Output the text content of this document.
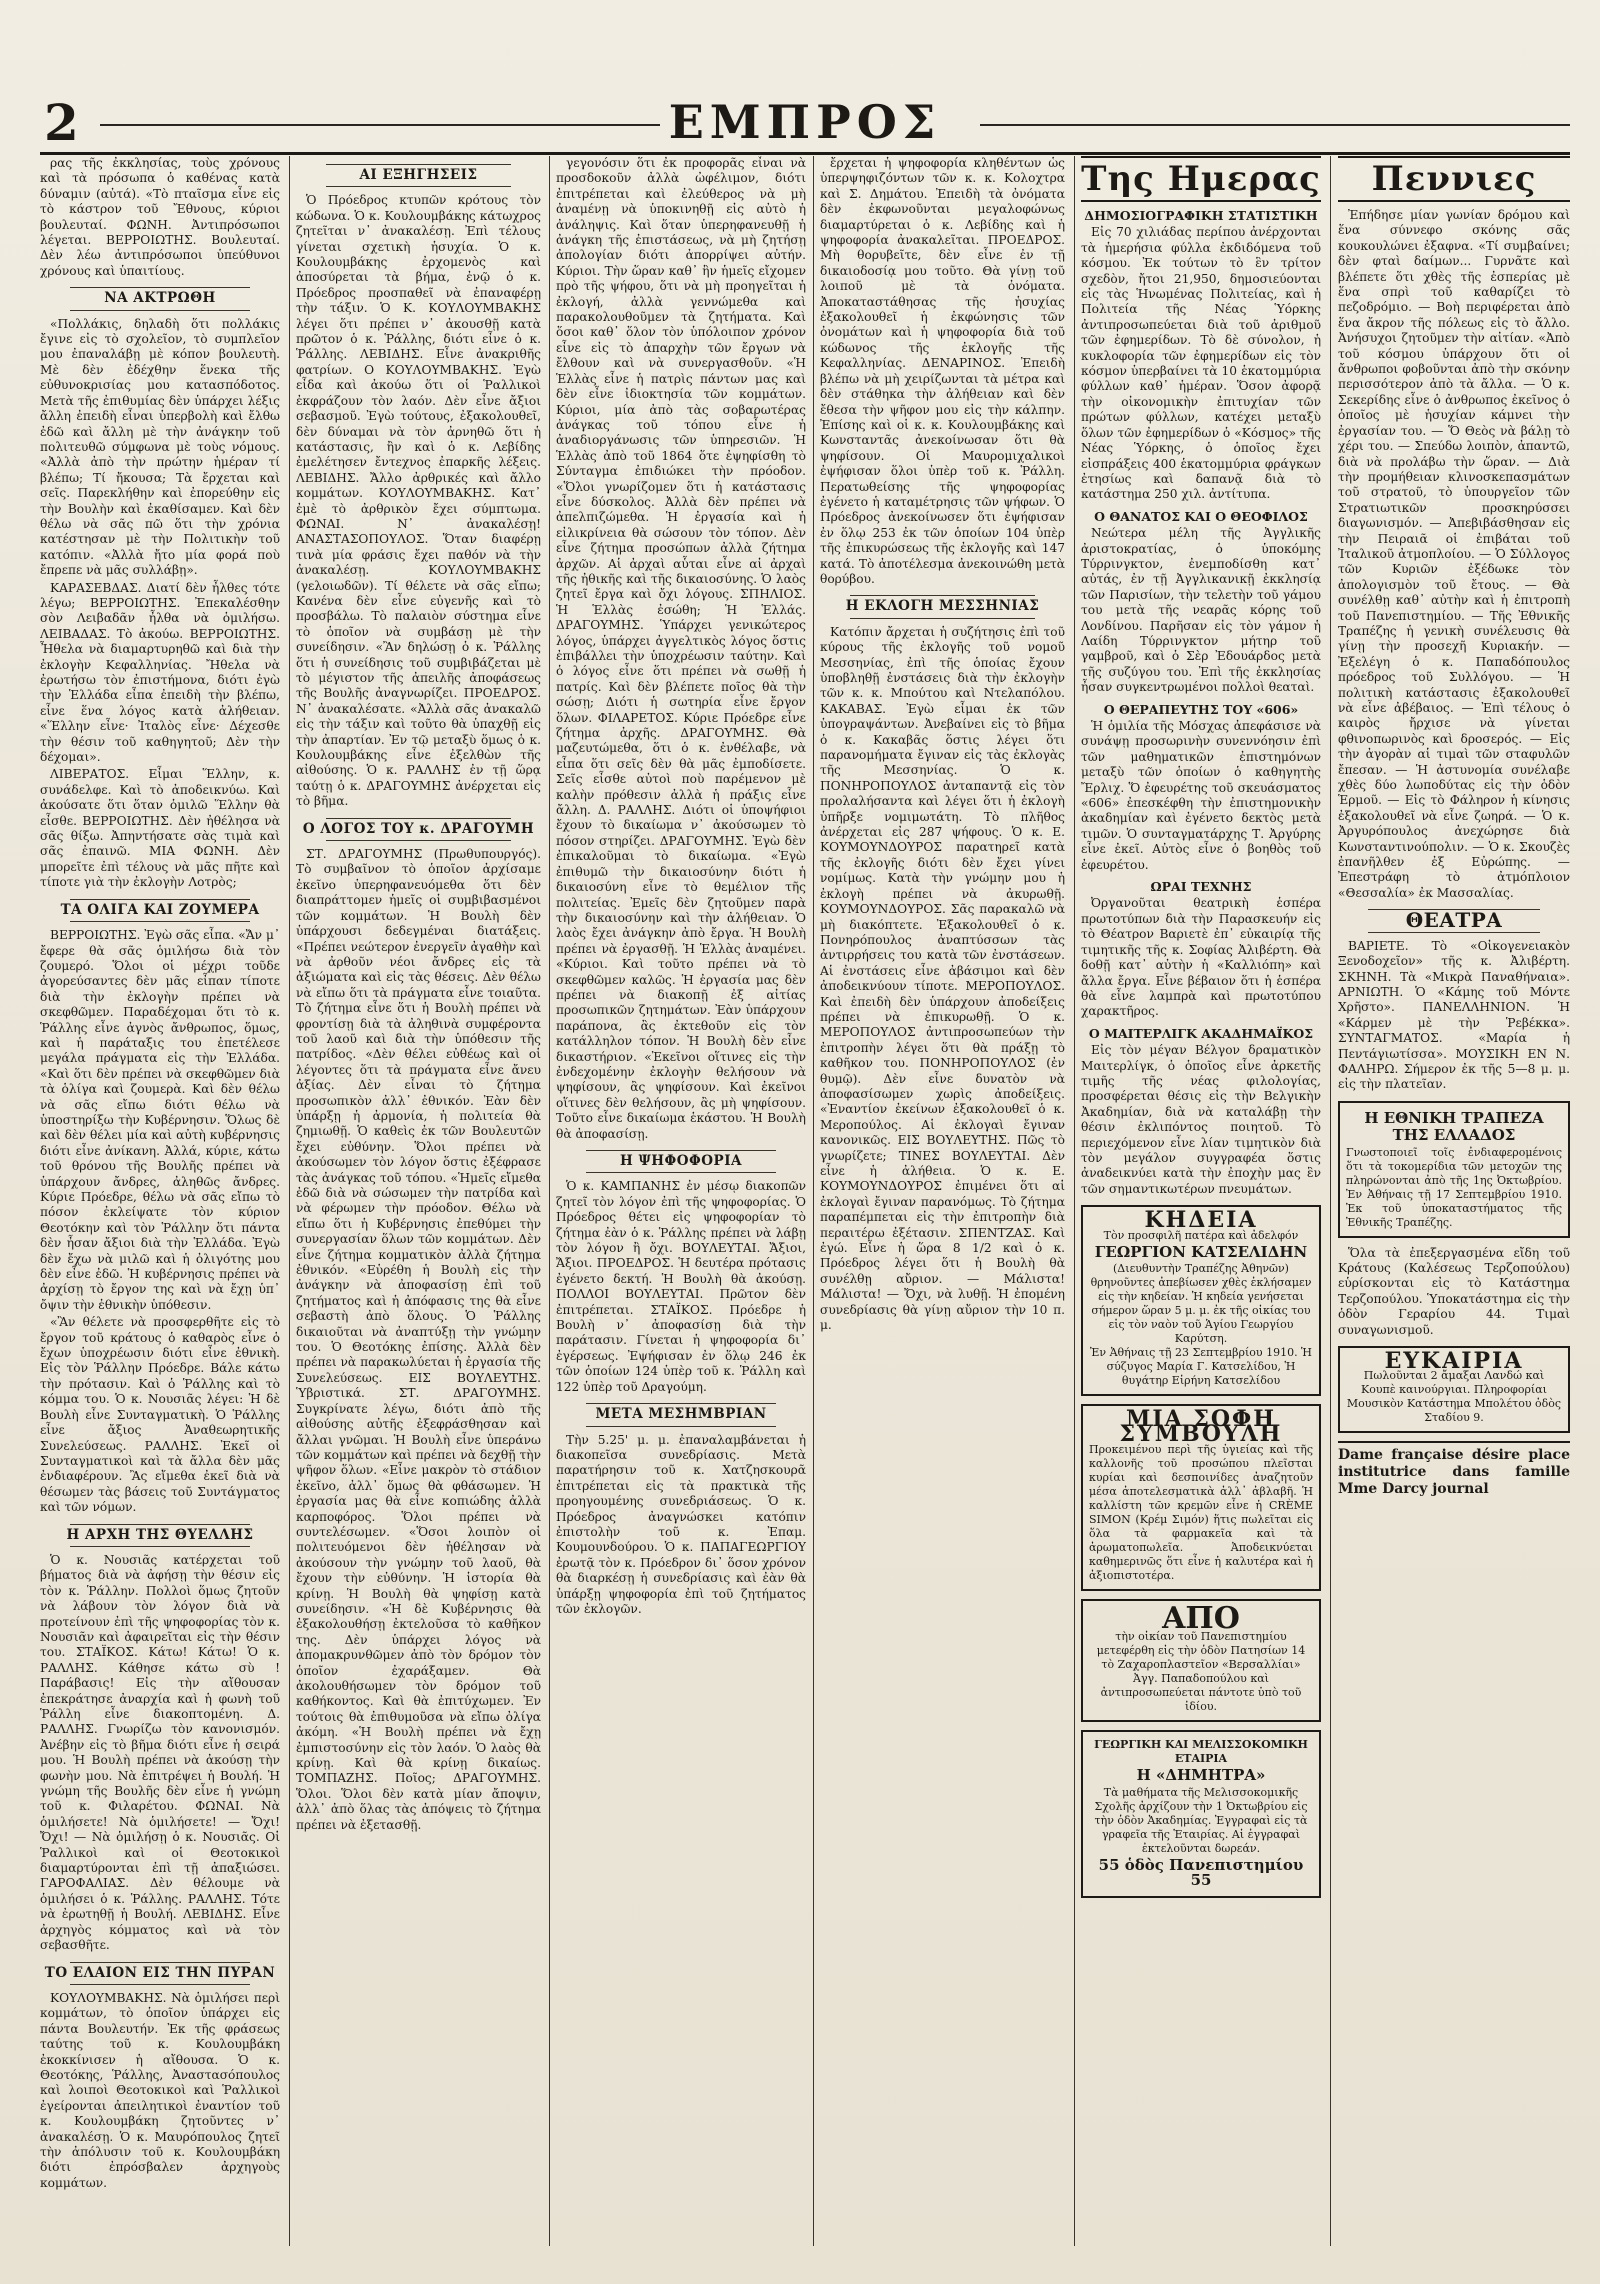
2	ΕΜΠΡΟΣ

ρας τῆς ἐκκλησίας, τοὺς χρόνους καὶ τὰ πρόσωπα ὁ καθένας κατὰ δύναμιν (αὐτά). «Τὸ πταῖσμα εἶνε εἰς τὸ κάστρον τοῦ Ἔθνους, κύριοι βουλευταί. ΦΩΝΗ. Ἀντιπρόσωποι λέγεται. ΒΕΡΡΟΙΩΤΗΣ. Βουλευταί. Δὲν λέω ἀντιπρόσωποι ὑπεύθυνοι χρόνους καὶ ὑπαιτίους.

ΝΑ ΑΚΤΡΩΘΗ

«Πολλάκις, δηλαδὴ ὅτι πολλάκις ἔγινε εἰς τὸ σχολεῖον, τὸ συμπλεῖον μου ἐπαναλάβῃ μὲ κόπον βουλευτὴ. Μὲ δὲν ἐδέχθην ἕνεκα τῆς εὐθυνοκρισίας μου κατασπόδοτος. Μετὰ τῆς ἐπιθυμίας δὲν ὑπάρχει λέξις ἄλλη ἐπειδὴ εἶναι ὑπερβολὴ καὶ ἔλθω ἐδῶ καὶ ἄλλη μὲ τὴν ἀνάγκην τοῦ πολιτευθῶ σύμφωνα μὲ τοὺς νόμους. «Ἀλλὰ ἀπὸ τὴν πρώτην ἡμέραν τί βλέπω; Τί ἤκουσα; Τὰ ἔρχεται καὶ σεῖς. Παρεκλήθην καὶ ἐπορεύθην εἰς τὴν Βουλὴν καὶ ἐκαθίσαμεν. Καὶ δὲν θέλω νὰ σᾶς πῶ ὅτι τὴν χρόνια κατέστησαν μὲ τὴν Πολιτικὴν τοῦ κατόπιν. «Ἀλλὰ ἤτο μία φορά ποὺ ἔπρεπε νὰ μᾶς συλλάβῃ».

ΚΑΡΑΣΕΒΔΑΣ. Διατί δὲν ἦλθες τότε λέγω; ΒΕΡΡΟΙΩΤΗΣ. Ἐπεκαλέσθην σὸν Λειβαδᾶν ἦλθα νὰ ὁμιλήσω. ΛΕΙΒΑΔΑΣ. Τὸ ἀκούω. ΒΕΡΡΟΙΩΤΗΣ. Ἦθελα νὰ διαμαρτυρηθῶ καὶ διὰ τὴν ἐκλογὴν Κεφαλληνίας. Ἤθελα νὰ ἐρωτήσω τὸν ἐπιστήμονα, διότι ἐγὼ τὴν Ἑλλάδα εἶπα ἐπειδὴ τὴν βλέπω, εἶνε ἕνα λόγος κατὰ ἀλήθειαν. «Ἕλλην εἶνε· Ἰταλὸς εἶνε· Δέχεσθε τὴν θέσιν τοῦ καθηγητοῦ; Δὲν τὴν δέχομαι».

ΛΙΒΕΡΑΤΟΣ. Εἶμαι Ἕλλην, κ. συνάδελφε. Καὶ τὸ ἀποδεικνύω. Καὶ ἀκούσατε ὅτι ὅταν ὁμιλῶ Ἕλλην θὰ εἶσθε. ΒΕΡΡΟΙΩΤΗΣ. Δὲν ἠθέλησα νὰ σᾶς θίξω. Ἀπηντήσατε σὰς τιμὰ καὶ σᾶς ἐπαινῶ. ΜΙΑ ΦΩΝΗ. Δὲν μπορεῖτε ἐπὶ τέλους νὰ μᾶς πῆτε καὶ τίποτε γιὰ τὴν ἐκλογὴν Λοτρὸς;

ΤΑ ΟΛΙΓΑ ΚΑΙ ΖΟΥΜΕΡΑ

ΒΕΡΡΟΙΩΤΗΣ. Ἐγὼ σᾶς εἶπα. «Ἄν μ᾽ ἔφερε θὰ σᾶς ὁμιλήσω διὰ τὸν ζουμερό. Ὅλοι οἱ μέχρι τοῦδε ἀγορεύσαντες δὲν μᾶς εἶπαν τίποτε διὰ τὴν ἐκλογὴν πρέπει νὰ σκεφθῶμεν. Παραδέχομαι ὅτι τὸ κ. Ῥάλλης εἶνε ἀγνὸς ἄνθρωπος, ὅμως, καὶ ἡ παράταξις του ἐπετέλεσε μεγάλα πράγματα εἰς τὴν Ἑλλάδα. «Καὶ ὅτι δὲν πρέπει νὰ σκεφθῶμεν διὰ τὰ ὁλίγα καὶ ζουμερὰ. Καὶ δὲν θέλω νὰ σᾶς εἴπω διότι θέλω νὰ ὑποστηρίξω τὴν Κυβέρνησιν. Ὅλως δὲ καὶ δὲν θέλει μία καὶ αὐτὴ κυβέρνησις διότι εἶνε ἀνίκανη. Ἀλλά, κύριε, κάτω τοῦ θρόνου τῆς Βουλῆς πρέπει νὰ ὑπάρχουν ἄνδρες, ἀληθῶς ἄνδρες. Κύριε Πρόεδρε, θέλω νὰ σᾶς εἴπω τὸ πόσον ἐκλείψατε τὸν κύριον Θεοτόκην καὶ τὸν Ῥάλλην ὅτι πάντα δὲν ἦσαν ἄξιοι διὰ τὴν Ἑλλάδα. Ἐγὼ δὲν ἔχω νὰ μιλῶ καὶ ἡ ὀλιγότης μου δὲν εἶνε ἐδῶ. Ἡ κυβέρνησις πρέπει νὰ ἀρχίσῃ τὸ ἔργον της καὶ νὰ ἔχῃ ὑπ᾽ ὄψιν τὴν ἐθνικὴν ὑπόθεσιν.

«Ἂν θέλετε νὰ προσφερθῆτε εἰς τὸ ἔργον τοῦ κράτους ὁ καθαρὸς εἶνε ὁ ἔχων ὑποχρέωσιν διότι εἶνε ἐθνικὴ. Εἰς τὸν Ῥάλλην Πρόεδρε. Βάλε κάτω τὴν πρότασιν. Καὶ ὁ Ῥάλλης καὶ τὸ κόμμα του. Ὁ κ. Νουσιᾶς λέγει: Ἡ δὲ Βουλὴ εἶνε Συνταγματικὴ. Ὁ Ῥάλλης εἶνε ἄξιος Ἀναθεωρητικῆς Συνελεύσεως. ΡΑΛΛΗΣ. Ἐκεῖ οἱ Συνταγματικοὶ καὶ τὰ ἄλλα δὲν μᾶς ἐνδιαφέρουν. Ἂς εἴμεθα ἐκεῖ διὰ νὰ θέσωμεν τὰς βάσεις τοῦ Συντάγματος καὶ τῶν νόμων.

Η ΑΡΧΗ ΤΗΣ ΘΥΕΛΛΗΣ

Ὁ κ. Νουσιᾶς κατέρχεται τοῦ βήματος διὰ νὰ ἀφήσῃ τὴν θέσιν εἰς τὸν κ. Ῥάλλην. Πολλοὶ ὅμως ζητοῦν νὰ λάβουν τὸν λόγον διὰ νὰ προτείνουν ἐπὶ τῆς ψηφοφορίας τὸν κ. Νουσιᾶν καὶ ἀφαιρεῖται εἰς τὴν θέσιν του. ΣΤΑΪΚΟΣ. Κάτω! Κάτω! Ὁ κ. ΡΑΛΛΗΣ. Κάθησε κάτω σὺ ! Παράβασις! Εἰς τὴν αἴθουσαν ἐπεκράτησε ἀναρχία καὶ ἡ φωνὴ τοῦ Ῥάλλη εἶνε διακοπτομένη. Δ. ΡΑΛΛΗΣ. Γνωρίζω τὸν κανονισμόν. Ἀνέβην εἰς τὸ βῆμα διότι εἶνε ἡ σειρά μου. Ἡ Βουλὴ πρέπει νὰ ἀκούσῃ τὴν φωνὴν μου. Νὰ ἐπιτρέψει ἡ Βουλή. Ἡ γνώμη τῆς Βουλῆς δὲν εἶνε ἡ γνώμη τοῦ κ. Φιλαρέτου. ΦΩΝΑΙ. Νὰ ὁμιλήσετε! Νὰ ὁμιλήσετε! — Ὄχι! Ὄχι! — Νὰ ὁμιλήσῃ ὁ κ. Νουσιᾶς. Οἱ Ῥαλλικοὶ καὶ οἱ Θεοτοκικοὶ διαμαρτύρονται ἐπὶ τῇ ἀπαξιώσει. ΓΑΡΟΦΑΛΙΑΣ. Δὲν θέλουμε νὰ ὁμιλήσει ὁ κ. Ῥάλλης. ΡΑΛΛΗΣ. Τότε νὰ ἐρωτηθῇ ἡ Βουλή. ΛΕΒΙΔΗΣ. Εἶνε ἀρχηγὸς κόμματος καὶ νὰ τὸν σεβασθῆτε.

ΤΟ ΕΛΑΙΟΝ ΕΙΣ ΤΗΝ ΠΥΡΑΝ

ΚΟΥΛΟΥΜΒΑΚΗΣ. Νὰ ὁμιλήσει περὶ κομμάτων, τὸ ὁποῖον ὑπάρχει εἰς πάντα Βουλευτήν. Ἐκ τῆς φράσεως ταύτης τοῦ κ. Κουλουμβάκη ἐκοκκίνισεν ἡ αἴθουσα. Ὁ κ. Θεοτόκης, Ῥάλλης, Ἀναστασόπουλος καὶ λοιποὶ Θεοτοκικοὶ καὶ Ῥαλλικοὶ ἐγείρονται ἀπειλητικοὶ ἐναντίον τοῦ κ. Κουλουμβάκη ζητοῦντες ν᾽ ἀνακαλέσῃ. Ὁ κ. Μαυρόπουλος ζητεῖ τὴν ἀπόλυσιν τοῦ κ. Κουλουμβάκη διότι ἐπρόσβαλεν ἀρχηγοὺς κομμάτων.

ΑΙ ΕΞΗΓΗΣΕΙΣ

Ὁ Πρόεδρος κτυπῶν κρότους τὸν κώδωνα. Ὁ κ. Κουλουμβάκης κάτωχρος ζητεῖται ν᾽ ἀνακαλέσῃ. Ἐπὶ τέλους γίνεται σχετικὴ ἡσυχία. Ὁ κ. Κουλουμβάκης ἐρχομενὸς καὶ ἀποσύρεται τὰ βήμα, ἐνῷ ὁ κ. Πρόεδρος προσπαθεῖ νὰ ἐπαναφέρῃ τὴν τάξιν. Ὁ Κ. ΚΟΥΛΟΥΜΒΑΚΗΣ λέγει ὅτι πρέπει ν᾽ ἀκουσθῇ κατὰ πρῶτον ὁ κ. Ῥάλλης, διότι εἶνε ὁ κ. Ῥάλλης. ΛΕΒΙΔΗΣ. Εἶνε ἀνακριθῆς φατρίων. Ο ΚΟΥΛΟΥΜΒΑΚΗΣ. Ἐγὼ εἶδα καὶ ἀκούω ὅτι οἱ Ῥαλλικοὶ ἐκφράζουν τὸν λαόν. Δὲν εἶνε ἄξιοι σεβασμοῦ. Ἐγὼ τούτους, ἐξακολουθεῖ, δὲν δύναμαι νὰ τὸν ἀρνηθῶ ὅτι ἡ κατάστασις, ἢν καὶ ὁ κ. Λεβίδης ἐμελέτησεν ἔντεχνος ἐπαρκῆς λέξεις. ΛΕΒΙΔΗΣ. Ἄλλο ἀρθρικές καὶ ἄλλο κομμάτων. ΚΟΥΛΟΥΜΒΑΚΗΣ. Κατ᾽ ἐμὲ τὸ ἀρθρικὸν ἔχει σύμπτωμα. ΦΩΝΑΙ. Ν᾽ ἀνακαλέσῃ! ΑΝΑΣΤΑΣΟΠΟΥΛΟΣ. Ὅταν διαφέρῃ τινὰ μία φράσις ἔχει παθόν νὰ τὴν ἀνακαλέσῃ. ΚΟΥΛΟΥΜΒΑΚΗΣ (γελοιωδῶν). Τί θέλετε νὰ σᾶς εἴπω; Κανένα δὲν εἶνε εὐγενῆς καὶ τὸ προσβάλω. Τὸ παλαιὸν σύστημα εἶνε τὸ ὁποῖον νὰ συμβάσῃ μὲ τὴν συνείδησιν. «Ἂν δηλώσῃ ὁ κ. Ῥάλλης ὅτι ἡ συνείδησις τοῦ συμβιβάζεται μὲ τὸ μέγιστον τῆς ἀπειλῆς ἀποφάσεως τῆς Βουλῆς ἀναγνωρίζει. ΠΡΟΕΔΡΟΣ. Ν᾽ ἀνακαλέσατε. «Ἀλλὰ σᾶς ἀνακαλῶ εἰς τὴν τάξιν καὶ τοῦτο θὰ ὑπαχθῇ εἰς τὴν ἀπαρτίαν. Ἐν τῷ μεταξὺ ὅμως ὁ κ. Κουλουμβάκης εἶνε ἐξελθὼν τῆς αἰθούσης. Ὁ κ. ΡΑΛΛΗΣ ἐν τῇ ὥρᾳ ταύτῃ ὁ κ. ΔΡΑΓΟΥΜΗΣ ἀνέρχεται εἰς τὸ βῆμα.

Ο ΛΟΓΟΣ ΤΟΥ κ. ΔΡΑΓΟΥΜΗ

ΣΤ. ΔΡΑΓΟΥΜΗΣ (Πρωθυπουργός). Τὸ συμβαῖνον τὸ ὁποῖον ἀρχίσαμε ἐκεῖνο ὑπερηφανευόμεθα ὅτι δὲν διαπράττομεν ἡμεῖς οἱ συμβιβασμένοι τῶν κομμάτων. Ἡ Βουλὴ δὲν ὑπάρχουσι δεδεγμέναι διατάξεις. «Πρέπει νεώτερον ἐνεργεῖν ἀγαθὴν καὶ νὰ ἀρθοῦν νέοι ἄνδρες εἰς τὰ ἀξιώματα καὶ εἰς τὰς θέσεις. Δὲν θέλω νὰ εἴπω ὅτι τὰ πράγματα εἶνε τοιαῦτα. Τὸ ζήτημα εἶνε ὅτι ἡ Βουλὴ πρέπει νὰ φροντίσῃ διὰ τὰ ἀληθινὰ συμφέροντα τοῦ λαοῦ καὶ διὰ τὴν ὑπόθεσιν τῆς πατρίδος. «Δὲν θέλει εὐθέως καὶ οἱ λέγοντες ὅτι τὰ πράγματα εἶνε ἄνευ ἀξίας. Δὲν εἶναι τὸ ζήτημα προσωπικὸν ἀλλ᾽ ἐθνικόν. Ἐὰν δὲν ὑπάρξῃ ἡ ἀρμονία, ἡ πολιτεία θὰ ζημιωθῇ. Ὁ καθεὶς ἐκ τῶν Βουλευτῶν ἔχει εὐθύνην. Ὅλοι πρέπει νὰ ἀκούσωμεν τὸν λόγον ὅστις ἐξέφρασε τὰς ἀνάγκας τοῦ τόπου. «Ἡμεῖς εἴμεθα ἐδῶ διὰ νὰ σώσωμεν τὴν πατρίδα καὶ νὰ φέρωμεν τὴν πρόοδον. Θέλω νὰ εἴπω ὅτι ἡ Κυβέρνησις ἐπεθύμει τὴν συνεργασίαν ὅλων τῶν κομμάτων. Δὲν εἶνε ζήτημα κομματικὸν ἀλλὰ ζήτημα ἐθνικόν. «Εὑρέθη ἡ Βουλὴ εἰς τὴν ἀνάγκην νὰ ἀποφασίσῃ ἐπὶ τοῦ ζητήματος καὶ ἡ ἀπόφασις της θὰ εἶνε σεβαστὴ ἀπὸ ὅλους. Ὁ Ῥάλλης δικαιοῦται νὰ ἀναπτύξῃ τὴν γνώμην του. Ὁ Θεοτόκης ἐπίσης. Ἀλλὰ δὲν πρέπει νὰ παρακωλύεται ἡ ἐργασία τῆς Συνελεύσεως. ΕΙΣ ΒΟΥΛΕΥΤΗΣ. Ὑβριστικά. ΣΤ. ΔΡΑΓΟΥΜΗΣ. Συγκρίνατε λέγω, διότι ἀπὸ τῆς αἰθούσης αὐτῆς ἐξεφράσθησαν καὶ ἄλλαι γνῶμαι. Ἡ Βουλὴ εἶνε ὑπεράνω τῶν κομμάτων καὶ πρέπει νὰ δεχθῇ τὴν ψῆφον ὅλων. «Εἶνε μακρὸν τὸ στάδιον ἐκεῖνο, ἀλλ᾽ ὅμως θὰ φθάσωμεν. Ἡ ἐργασία μας θὰ εἶνε κοπιώδης ἀλλὰ καρποφόρος. Ὅλοι πρέπει νὰ συντελέσωμεν. «Ὅσοι λοιπὸν οἱ πολιτευόμενοι δὲν ἠθέλησαν νὰ ἀκούσουν τὴν γνώμην τοῦ λαοῦ, θὰ ἔχουν τὴν εὐθύνην. Ἡ ἱστορία θὰ κρίνῃ. Ἡ Βουλὴ θὰ ψηφίσῃ κατὰ συνείδησιν. «Ἡ δὲ Κυβέρνησις θὰ ἐξακολουθήσῃ ἐκτελοῦσα τὸ καθῆκον της. Δὲν ὑπάρχει λόγος νὰ ἀπομακρυνθῶμεν ἀπὸ τὸν δρόμον τὸν ὁποῖον ἐχαράξαμεν. Θὰ ἀκολουθήσωμεν τὸν δρόμον τοῦ καθήκοντος. Καὶ θὰ ἐπιτύχωμεν. Ἐν τούτοις θὰ ἐπιθυμοῦσα νὰ εἴπω ὀλίγα ἀκόμη. «Ἡ Βουλὴ πρέπει νὰ ἔχῃ ἐμπιστοσύνην εἰς τὸν λαόν. Ὁ λαὸς θὰ κρίνῃ. Καὶ θὰ κρίνῃ δικαίως. ΤΟΜΠΑΖΗΣ. Ποῖος; ΔΡΑΓΟΥΜΗΣ. Ὅλοι. Ὅλοι δὲν κατὰ μίαν ἄποψιν, ἀλλ᾽ ἀπὸ ὅλας τὰς ἀπόψεις τὸ ζήτημα πρέπει νὰ ἐξετασθῇ.

γεγονόσιν ὅτι ἐκ προφορᾶς εἶναι νὰ προσδοκοῦν ἀλλὰ ὠφέλιμον, διότι ἐπιτρέπεται καὶ ἐλεύθερος νὰ μὴ ἀναμένῃ νὰ ὑποκινηθῇ εἰς αὐτὸ ἡ ἀνάληψις. Καὶ ὅταν ὑπερηφανευθῇ ἡ ἀνάγκη τῆς ἐπιστάσεως, νὰ μὴ ζητήσῃ ἀπολογίαν διότι ἀπορρίψει αὐτήν. Κύριοι. Τὴν ὥραν καθ᾽ ἣν ἡμεῖς εἴχομεν πρὸ τῆς ψήφου, ὅτι νὰ μὴ προηγεῖται ἡ ἐκλογή, ἀλλὰ γεννώμεθα καὶ παρακολουθοῦμεν τὰ ζητήματα. Καὶ ὅσοι καθ᾽ ὅλον τὸν ὑπόλοιπον χρόνον εἶνε εἰς τὸ ἀπαρχὴν τῶν ἔργων νὰ ἔλθουν καὶ νὰ συνεργασθοῦν. «Ἡ Ἑλλὰς εἶνε ἡ πατρὶς πάντων μας καὶ δὲν εἶνε ἰδιοκτησία τῶν κομμάτων. Κύριοι, μία ἀπὸ τὰς σοβαρωτέρας ἀνάγκας τοῦ τόπου εἶνε ἡ ἀναδιοργάνωσις τῶν ὑπηρεσιῶν. Ἡ Ἑλλὰς ἀπὸ τοῦ 1864 ὅτε ἐψηφίσθη τὸ Σύνταγμα ἐπιδιώκει τὴν πρόοδον. «Ὅλοι γνωρίζομεν ὅτι ἡ κατάστασις εἶνε δύσκολος. Ἀλλὰ δὲν πρέπει νὰ ἀπελπιζώμεθα. Ἡ ἐργασία καὶ ἡ εἰλικρίνεια θὰ σώσουν τὸν τόπον. Δὲν εἶνε ζήτημα προσώπων ἀλλὰ ζήτημα ἀρχῶν. Αἱ ἀρχαὶ αὗται εἶνε αἱ ἀρχαὶ τῆς ἠθικῆς καὶ τῆς δικαιοσύνης. Ὁ λαὸς ζητεῖ ἔργα καὶ ὄχι λόγους. ΣΠΗΛΙΟΣ. Ἡ Ἑλλὰς ἐσώθη; Ἡ Ἑλλάς. ΔΡΑΓΟΥΜΗΣ. Ὑπάρχει γενικώτερος λόγος, ὑπάρχει ἀγγελτικὸς λόγος ὅστις ἐπιβάλλει τὴν ὑποχρέωσιν ταύτην. Καὶ ὁ λόγος εἶνε ὅτι πρέπει νὰ σωθῇ ἡ πατρίς. Καὶ δὲν βλέπετε ποῖος θὰ τὴν σώσῃ; Διότι ἡ σωτηρία εἶνε ἔργον ὅλων. ΦΙΛΑΡΕΤΟΣ. Κύριε Πρόεδρε εἶνε ζήτημα ἀρχῆς. ΔΡΑΓΟΥΜΗΣ. Θὰ μαζευτώμεθα, ὅτι ὁ κ. ἐνθέλαβε, νὰ εἶπα ὅτι σεῖς δὲν θὰ μᾶς ἐμποδίσετε. Σεῖς εἶσθε αὐτοὶ ποὺ παρέμενον μὲ καλὴν πρόθεσιν ἀλλὰ ἡ πράξις εἶνε ἄλλη. Δ. ΡΑΛΛΗΣ. Διότι οἱ ὑποψήφιοι ἔχουν τὸ δικαίωμα ν᾽ ἀκούσωμεν τὸ πόσον στηρίζει. ΔΡΑΓΟΥΜΗΣ. Ἐγὼ δὲν ἐπικαλοῦμαι τὸ δικαίωμα. «Ἐγὼ ἐπιθυμῶ τὴν δικαιοσύνην διότι ἡ δικαιοσύνη εἶνε τὸ θεμέλιον τῆς πολιτείας. Ἐμεῖς δὲν ζητοῦμεν παρὰ τὴν δικαιοσύνην καὶ τὴν ἀλήθειαν. Ὁ λαὸς ἔχει ἀνάγκην ἀπὸ ἔργα. Ἡ Βουλὴ πρέπει νὰ ἐργασθῇ. Ἡ Ἑλλὰς ἀναμένει. «Κύριοι. Καὶ τοῦτο πρέπει νὰ τὸ σκεφθῶμεν καλῶς. Ἡ ἐργασία μας δὲν πρέπει νὰ διακοπῇ ἐξ αἰτίας προσωπικῶν ζητημάτων. Ἐὰν ὑπάρχουν παράπονα, ἂς ἐκτεθοῦν εἰς τὸν κατάλληλον τόπον. Ἡ Βουλὴ δὲν εἶνε δικαστήριον. «Ἐκεῖνοι οἵτινες εἰς τὴν ἐνδεχομένην ἐκλογὴν θελήσουν νὰ ψηφίσουν, ἂς ψηφίσουν. Καὶ ἐκεῖνοι οἵτινες δὲν θελήσουν, ἂς μὴ ψηφίσουν. Τοῦτο εἶνε δικαίωμα ἑκάστου. Ἡ Βουλὴ θὰ ἀποφασίσῃ.

Η ΨΗΦΟΦΟΡΙΑ

Ὁ κ. ΚΑΜΠΑΝΗΣ ἐν μέσῳ διακοπῶν ζητεῖ τὸν λόγον ἐπὶ τῆς ψηφοφορίας. Ὁ Πρόεδρος θέτει εἰς ψηφοφορίαν τὸ ζήτημα ἐὰν ὁ κ. Ῥάλλης πρέπει νὰ λάβῃ τὸν λόγον ἢ ὄχι. ΒΟΥΛΕΥΤΑΙ. Ἄξιοι, Ἄξιοι. ΠΡΟΕΔΡΟΣ. Ἡ δευτέρα πρότασις ἐγένετο δεκτή. Ἡ Βουλὴ θὰ ἀκούσῃ. ΠΟΛΛΟΙ ΒΟΥΛΕΥΤΑΙ. Πρῶτον δὲν ἐπιτρέπεται. ΣΤΑΪΚΟΣ. Πρόεδρε ἡ Βουλὴ ν᾽ ἀποφασίσῃ διὰ τὴν παράτασιν. Γίνεται ἡ ψηφοφορία δι᾽ ἐγέρσεως. Ἐψήφισαν ἐν ὅλῳ 246 ἐκ τῶν ὁποίων 124 ὑπὲρ τοῦ κ. Ῥάλλη καὶ 122 ὑπὲρ τοῦ Δραγούμη.

ΜΕΤΑ ΜΕΣΗΜΒΡΙΑΝ

Τὴν 5.25' μ. μ. ἐπαναλαμβάνεται ἡ διακοπεῖσα συνεδρίασις. Μετὰ παρατήρησιν τοῦ κ. Χατζησκουρᾶ ἐπιτρέπεται εἰς τὰ πρακτικὰ τῆς προηγουμένης συνεδριάσεως. Ὁ κ. Πρόεδρος ἀναγνώσκει κατόπιν ἐπιστολὴν τοῦ κ. Ἐπαμ. Κουμουνδούρου. Ὁ κ. ΠΑΠΑΓΕΩΡΓΙΟΥ ἐρωτᾷ τὸν κ. Πρόεδρον δι᾽ ὅσον χρόνον θὰ διαρκέσῃ ἡ συνεδρίασις καὶ ἐὰν θὰ ὑπάρξῃ ψηφοφορία ἐπὶ τοῦ ζητήματος τῶν ἐκλογῶν.

ἔρχεται ἡ ψηφοφορία κληθέντων ὡς ὑπερψηφιζόντων τῶν κ. κ. Κολοχτρα καὶ Σ. Δημάτου. Ἐπειδὴ τὰ ὀνόματα δὲν ἐκφωνοῦνται μεγαλοφώνως διαμαρτύρεται ὁ κ. Λεβίδης καὶ ἡ ψηφοφορία ἀνακαλεῖται. ΠΡΟΕΔΡΟΣ. Μὴ θορυβεῖτε, δὲν εἶνε ἐν τῇ δικαιοδοσίᾳ μου τοῦτο. Θὰ γίνῃ τοῦ λοιποῦ μὲ τὰ ὀνόματα. Ἀποκαταστάθησας τῆς ἡσυχίας ἐξακολουθεῖ ἡ ἐκφώνησις τῶν ὀνομάτων καὶ ἡ ψηφοφορία διὰ τοῦ κώδωνος τῆς ἐκλογῆς τῆς Κεφαλληνίας. ΔΕΝΑΡΙΝΟΣ. Ἐπειδὴ βλέπω νὰ μὴ χειρίζωνται τὰ μέτρα καὶ δὲν στάθηκα τὴν ἀλήθειαν καὶ δὲν ἔθεσα τὴν ψῆφον μου εἰς τὴν κάλπην. Ἐπίσης καὶ οἱ κ. κ. Κουλουμβάκης καὶ Κωνσταντᾶς ἀνεκοίνωσαν ὅτι θὰ ψηφίσουν. Οἱ Μαυρομιχαλικοὶ ἐψήφισαν ὅλοι ὑπὲρ τοῦ κ. Ῥάλλη. Περατωθείσης τῆς ψηφοφορίας ἐγένετο ἡ καταμέτρησις τῶν ψήφων. Ὁ Πρόεδρος ἀνεκοίνωσεν ὅτι ἐψήφισαν ἐν ὅλῳ 253 ἐκ τῶν ὁποίων 104 ὑπὲρ τῆς ἐπικυρώσεως τῆς ἐκλογῆς καὶ 147 κατά. Τὸ ἀποτέλεσμα ἀνεκοινώθη μετὰ θορύβου.

Η ΕΚΛΟΓΗ ΜΕΣΣΗΝΙΑΣ

Κατόπιν ἄρχεται ἡ συζήτησις ἐπὶ τοῦ κύρους τῆς ἐκλογῆς τοῦ νομοῦ Μεσσηνίας, ἐπὶ τῆς ὁποίας ἔχουν ὑποβληθῇ ἐνστάσεις διὰ τὴν ἐκλογὴν τῶν κ. κ. Μπούτου καὶ Ντελαπόλου. ΚΑΚΑΒΑΣ. Ἐγὼ εἶμαι ἐκ τῶν ὑπογραψάντων. Ἀνεβαίνει εἰς τὸ βῆμα ὁ κ. Κακαβᾶς ὅστις λέγει ὅτι παρανομήματα ἔγιναν εἰς τὰς ἐκλογὰς τῆς Μεσσηνίας. Ὁ κ. ΠΟΝΗΡΟΠΟΥΛΟΣ ἀνταπαντᾷ εἰς τὸν προλαλήσαντα καὶ λέγει ὅτι ἡ ἐκλογὴ ὑπῆρξε νομιμωτάτη. Τὸ πλῆθος ἀνέρχεται εἰς 287 ψήφους. Ὁ κ. Ε. ΚΟΥΜΟΥΝΔΟΥΡΟΣ παρατηρεῖ κατὰ τῆς ἐκλογῆς διότι δὲν ἔχει γίνει νομίμως. Κατὰ τὴν γνώμην μου ἡ ἐκλογὴ πρέπει νὰ ἀκυρωθῇ. ΚΟΥΜΟΥΝΔΟΥΡΟΣ. Σᾶς παρακαλῶ νὰ μὴ διακόπτετε. Ἐξακολουθεῖ ὁ κ. Πονηρόπουλος ἀναπτύσσων τὰς ἀντιρρήσεις του κατὰ τῶν ἐνστάσεων. Αἱ ἐνστάσεις εἶνε ἀβάσιμοι καὶ δὲν ἀποδεικνύουν τίποτε. ΜΕΡΟΠΟΥΛΟΣ. Καὶ ἐπειδὴ δὲν ὑπάρχουν ἀποδείξεις πρέπει νὰ ἐπικυρωθῇ. Ὁ κ. ΜΕΡΟΠΟΥΛΟΣ ἀντιπροσωπεύων τὴν ἐπιτροπὴν λέγει ὅτι θὰ πράξῃ τὸ καθῆκον του. ΠΟΝΗΡΟΠΟΥΛΟΣ (ἐν θυμῷ). Δὲν εἶνε δυνατὸν νὰ ἀποφασίσωμεν χωρὶς ἀποδείξεις. «Ἐναντίον ἐκείνων ἐξακολουθεῖ ὁ κ. Μεροπούλος. Αἱ ἐκλογαὶ ἔγιναν κανονικῶς. ΕΙΣ ΒΟΥΛΕΥΤΗΣ. Πῶς τὸ γνωρίζετε; ΤΙΝΕΣ ΒΟΥΛΕΥΤΑΙ. Δὲν εἶνε ἡ ἀλήθεια. Ὁ κ. Ε. ΚΟΥΜΟΥΝΔΟΥΡΟΣ ἐπιμένει ὅτι αἱ ἐκλογαὶ ἔγιναν παρανόμως. Τὸ ζήτημα παραπέμπεται εἰς τὴν ἐπιτροπὴν διὰ περαιτέρω ἐξέτασιν. ΣΠΕΝΤΖΑΣ. Καὶ ἐγώ. Εἶνε ἡ ὥρα 8 1/2 καὶ ὁ κ. Πρόεδρος λέγει ὅτι ἡ Βουλὴ θὰ συνέλθῃ αὔριον. — Μάλιστα! Μάλιστα! — Ὄχι, νὰ λυθῇ. Ἡ ἐπομένη συνεδρίασις θὰ γίνῃ αὔριον τὴν 10 π. μ.

Της Ημερας
ΔΗΜΟΣΙΟΓΡΑΦΙΚΗ ΣΤΑΤΙΣΤΙΚΗ

Εἰς 70 χιλιάδας περίπου ἀνέρχονται τὰ ἡμερήσια φύλλα ἐκδιδόμενα τοῦ κόσμου. Ἐκ τούτων τὸ ἓν τρίτον σχεδὸν, ἤτοι 21,950, δημοσιεύονται εἰς τὰς Ἡνωμένας Πολιτείας, καὶ ἡ Πολιτεία τῆς Νέας Ὑόρκης ἀντιπροσωπεύεται διὰ τοῦ ἀριθμοῦ τῶν ἐφημερίδων. Τὸ δὲ σύνολον, ἡ κυκλοφορία τῶν ἐφημερίδων εἰς τὸν κόσμον ὑπερβαίνει τὰ 10 ἑκατομμύρια φύλλων καθ᾽ ἡμέραν. Ὅσον ἀφορᾷ τὴν οἰκονομικὴν ἐπιτυχίαν τῶν πρώτων φύλλων, κατέχει μεταξὺ ὅλων τῶν ἐφημερίδων ὁ «Κόσμος» τῆς Νέας Ὑόρκης, ὁ ὁποῖος ἔχει εἰσπράξεις 400 ἑκατομμύρια φράγκων ἐτησίως καὶ δαπανᾷ διὰ τὸ κατάστημα 250 χιλ. ἀντίτυπα.

Ο ΘΑΝΑΤΟΣ ΚΑΙ Ο ΘΕΟΦΙΛΟΣ

Νεώτερα μέλη τῆς Ἀγγλικῆς ἀριστοκρατίας, ὁ ὑποκόμης Τύρρινγκτον, ἐνεμποδίσθη κατ᾽ αὐτάς, ἐν τῇ Ἀγγλικανικῇ ἐκκλησίᾳ τῶν Παρισίων, τὴν τελετὴν τοῦ γάμου του μετὰ τῆς νεαρᾶς κόρης τοῦ Λονδίνου. Παρῆσαν εἰς τὸν γάμον ἡ Λαίδη Τύρρινγκτον μήτηρ τοῦ γαμβροῦ, καὶ ὁ Σὲρ Ἐδουάρδος μετὰ τῆς συζύγου του. Ἐπὶ τῆς ἐκκλησίας ἦσαν συγκεντρωμένοι πολλοὶ θεαταὶ.

Ο ΘΕΡΑΠΕΥΤΗΣ ΤΟΥ «606»

Ἡ ὁμιλία τῆς Μόσχας ἀπεφάσισε νὰ συνάψῃ προσωρινὴν συνεννόησιν ἐπὶ τῶν μαθηματικῶν ἐπιστημόνων μεταξὺ τῶν ὁποίων ὁ καθηγητὴς Ἔρλιχ. Ὅ ἐφευρέτης τοῦ σκευάσματος «606» ἐπεσκέφθη τὴν ἐπιστημονικὴν ἀκαδημίαν καὶ ἐγένετο δεκτὸς μετὰ τιμῶν. Ὁ συνταγματάρχης Τ. Ἀργύρης εἶνε ἐκεῖ. Αὐτὸς εἶνε ὁ βοηθὸς τοῦ ἐφευρέτου.

ΩΡΑΙ ΤΕΧΝΗΣ

Ὀργανοῦται θεατρικὴ ἑσπέρα πρωτοτύπων διὰ τὴν Παρασκευήν εἰς τὸ Θέατρον Βαριετὲ ἐπ᾽ εὐκαιρίᾳ τῆς τιμητικῆς τῆς κ. Σοφίας Ἀλιβέρτη. Θὰ δοθῇ κατ᾽ αὐτὴν ἡ «Καλλιόπη» καὶ ἄλλα ἔργα. Εἶνε βέβαιον ὅτι ἡ ἑσπέρα θὰ εἶνε λαμπρὰ καὶ πρωτοτύπου χαρακτῆρος.

Ο ΜΑΙΤΕΡΛΙΓΚ ΑΚΑΔΗΜΑΪΚΟΣ

Εἰς τὸν μέγαν Βέλγον δραματικὸν Μαιτερλίγκ, ὁ ὁποῖος εἶνε ἀρκετῆς τιμῆς τῆς νέας φιλολογίας, προσφέρεται θέσις εἰς τὴν Βελγικὴν Ἀκαδημίαν, διὰ νὰ καταλάβῃ τὴν θέσιν ἐκλιπόντος ποιητοῦ. Τὸ περιεχόμενον εἶνε λίαν τιμητικὸν διὰ τὸν μεγάλον συγγραφέα ὅστις ἀναδεικνύει κατὰ τὴν ἐποχὴν μας ἓν τῶν σημαντικωτέρων πνευμάτων.

ΚΗΔΕΙΑ
Τὸν προσφιλῆ πατέρα καὶ ἀδελφόν
ΓΕΩΡΓΙΟΝ ΚΑΤΣΕΛΙΔΗΝ
(Διευθυντὴν Τραπέζης Ἀθηνῶν) θρηνοῦντες ἀπεβίωσεν χθὲς ἐκλήσαμεν εἰς τὴν κηδείαν. Ἡ κηδεία γενήσεται σήμερον ὥραν 5 μ. μ. ἐκ τῆς οἰκίας του εἰς τὸν ναὸν τοῦ Ἁγίου Γεωργίου Καρύτση.
Ἐν Ἀθήναις τῇ 23 Σεπτεμβρίου 1910. Ἡ σύζυγος Μαρία Γ. Κατσελίδου, Ἡ θυγάτηρ Εἰρήνη Κατσελίδου
ΜΙΑ ΣΟΦΗ ΣΥΜΒΟΥΛΗ
Προκειμένου περὶ τῆς ὑγιείας καὶ τῆς καλλονῆς τοῦ προσώπου πλεῖσται κυρίαι καὶ δεσποινίδες ἀναζητοῦν μέσα ἀποτελεσματικὰ ἀλλ᾽ ἀβλαβῆ. Ἡ καλλίστη τῶν κρεμῶν εἶνε ἡ CRÈME SIMON (Κρέμ Σιμόν) ἥτις πωλεῖται εἰς ὅλα τὰ φαρμακεῖα καὶ τὰ ἀρωματοπωλεῖα. Ἀποδεικνύεται καθημερινῶς ὅτι εἶνε ἡ καλυτέρα καὶ ἡ ἀξιοπιστοτέρα.
ΑΠΟ
τὴν οἰκίαν τοῦ Πανεπιστημίου μετεφέρθη εἰς τὴν ὁδὸν Πατησίων 14 τὸ Ζαχαροπλαστεῖον «Βερσαλλίαι» Ἀγγ. Παπαδοπούλου καὶ ἀντιπροσωπεύεται πάντοτε ὑπὸ τοῦ ἰδίου.
ΓΕΩΡΓΙΚΗ ΚΑΙ ΜΕΛΙΣΣΟΚΟΜΙΚΗ ΕΤΑΙΡΙΑ
Η «ΔΗΜΗΤΡΑ»
Τὰ μαθήματα τῆς Μελισσοκομικῆς Σχολῆς ἀρχίζουν τὴν 1 Ὀκτωβρίου εἰς τὴν ὁδὸν Ἀκαδημίας. Ἐγγραφαὶ εἰς τὰ γραφεῖα τῆς Ἑταιρίας. Αἱ ἐγγραφαὶ ἐκτελοῦνται δωρεάν.
55 ὁδὸς Πανεπιστημίου 55
Πεννιες

Ἐπήδησε μίαν γωνίαν δρόμου καὶ ἕνα σύννεφο σκόνης σᾶς κουκουλώνει ἐξαφνα. «Τί συμβαίνει; δὲν φταὶ δαίμων... Γυρνᾶτε καὶ βλέπετε ὅτι χθὲς τῆς ἐσπερίας μὲ ἕνα σπρὶ τοῦ καθαρίζει τὸ πεζοδρόμιο. — Βοὴ περιφέρεται ἀπὸ ἕνα ἄκρον τῆς πόλεως εἰς τὸ ἄλλο. Ἀνήσυχοι ζητοῦμεν τὴν αἰτίαν. «Ἀπὸ τοῦ κόσμου ὑπάρχουν ὅτι οἱ ἄνθρωποι φοβοῦνται ἀπὸ τὴν σκόνην περισσότερον ἀπὸ τὰ ἄλλα. — Ὁ κ. Σεκερίδης εἶνε ὁ ἀνθρωπος ἐκεῖνος ὁ ὁποῖος μὲ ἡσυχίαν κάμνει τὴν ἐργασίαν του. — Ὅ Θεὸς νὰ βάλῃ τὸ χέρι του. — Σπεύδω λοιπὸν, ἀπαντῶ, διὰ νὰ προλάβω τὴν ὥραν. — Διὰ τὴν προμήθειαν κλινοσκεπασμάτων τοῦ στρατοῦ, τὸ ὑπουργεῖον τῶν Στρατιωτικῶν προσκηρύσσει διαγωνισμόν. — Ἀπεβιβάσθησαν εἰς τὴν Πειραιᾶ οἱ ἐπιβάται τοῦ Ἰταλικοῦ ἀτμοπλοίου. — Ὁ Σύλλογος τῶν Κυριῶν ἐξέδωκε τὸν ἀπολογισμὸν τοῦ ἔτους. — Θὰ συνέλθῃ καθ᾽ αὐτὴν καὶ ἡ ἐπιτροπὴ τοῦ Πανεπιστημίου. — Τῆς Ἐθνικῆς Τραπέζης ἡ γενικὴ συνέλευσις θὰ γίνῃ τὴν προσεχῆ Κυριακήν. — Ἐξελέγη ὁ κ. Παπαδόπουλος πρόεδρος τοῦ Συλλόγου. — Ἡ πολιτικὴ κατάστασις ἐξακολουθεῖ νὰ εἶνε ἀβέβαιος. — Ἐπὶ τέλους ὁ καιρὸς ἤρχισε νὰ γίνεται φθινοπωρινὸς καὶ δροσερός. — Εἰς τὴν ἀγορὰν αἱ τιμαὶ τῶν σταφυλῶν ἔπεσαν. — Ἡ ἀστυνομία συνέλαβε χθὲς δύο λωποδύτας εἰς τὴν ὁδὸν Ἑρμοῦ. — Εἰς τὸ Φάληρον ἡ κίνησις ἐξακολουθεῖ νὰ εἶνε ζωηρά. — Ὁ κ. Ἀργυρόπουλος ἀνεχώρησε διὰ Κωνσταντινούπολιν. — Ὁ κ. Σκουζὲς ἐπανῆλθεν ἐξ Εὐρώπης. — Ἐπεστράφη τὸ ἀτμόπλοιον «Θεσσαλία» ἐκ Μασσαλίας.

ΘΕΑΤΡΑ

ΒΑΡΙΕΤΕ. Τὸ «Οἰκογενειακὸν Ξενοδοχεῖον» τῆς κ. Ἀλιβέρτη. ΣΚΗΝΗ. Τὰ «Μικρὰ Παναθήναια». ΑΡΝΙΩΤΗ. Ὁ «Κάμης τοῦ Μόντε Χρῆστο». ΠΑΝΕΛΛΗΝΙΟΝ. Ἡ «Κάρμεν μὲ τὴν Ῥεβέκκα». ΣΥΝΤΑΓΜΑΤΟΣ. «Μαρία ἡ Πεντάγιωτίσσα». ΜΟΥΣΙΚΗ ΕΝ Ν. ΦΑΛΗΡΩ. Σήμερον ἐκ τῆς 5—8 μ. μ. εἰς τὴν πλατεῖαν.

Η ΕΘΝΙΚΗ ΤΡΑΠΕΖΑ
ΤΗΣ ΕΛΛΑΔΟΣ
Γνωστοποιεῖ τοῖς ἐνδιαφερομένοις ὅτι τὰ τοκομερίδια τῶν μετοχῶν της πληρώνονται ἀπὸ τῆς 1ης Ὀκτωβρίου. Ἐν Ἀθήναις τῇ 17 Σεπτεμβρίου 1910. Ἐκ τοῦ ὑποκαταστήματος τῆς Ἐθνικῆς Τραπέζης.

Ὅλα τὰ ἐπεξεργασμένα εἴδη τοῦ Κράτους (Καλέσεως Τερζοπούλου) εὑρίσκονται εἰς τὸ Κατάστημα Τερζοπούλου. Ὑποκατάστημα εἰς τὴν ὁδὸν Γεραρίου 44. Τιμαὶ συναγωνισμοῦ.

ΕΥΚΑΙΡΙΑ
Πωλοῦνται 2 ἄμαξαι Λανδώ καὶ Κουπὲ καινούργιαι. Πληροφορίαι Μουσικὸν Κατάστημα Μπολέτου ὁδὸς Σταδίου 9.
Dame française désire place institutrice dans famille Mme Darcy journal
